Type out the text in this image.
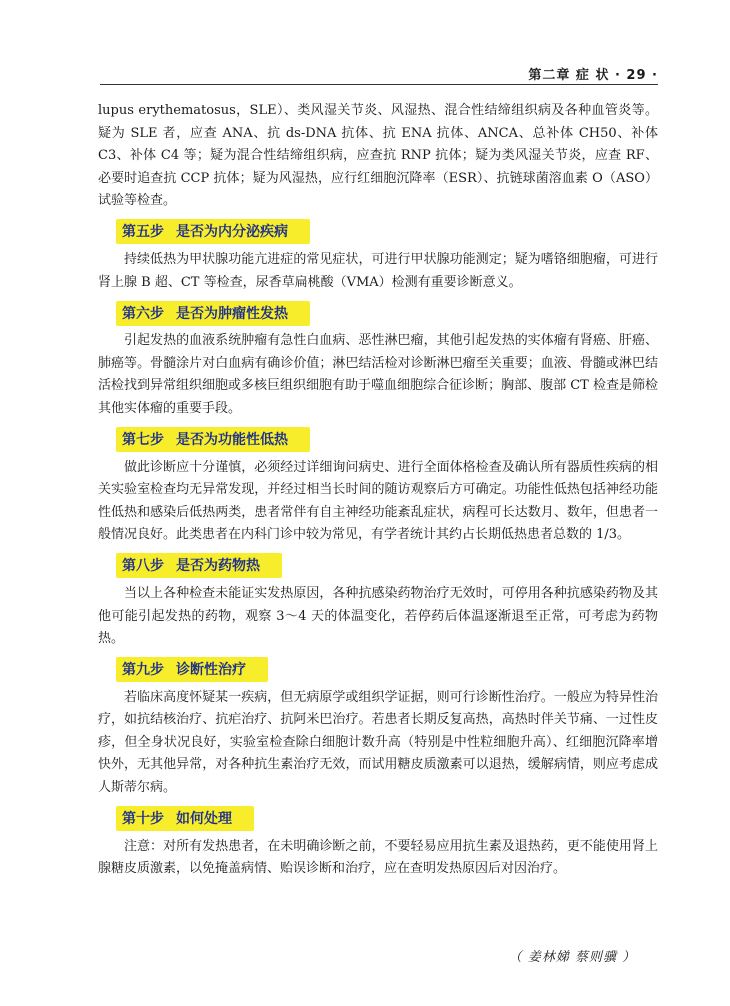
第二章 症 状 · 29 ·

lupus erythematosus，SLE）、类风湿关节炎、风湿热、混合性结缔组织病及各种血管炎等。疑为 SLE 者，应查 ANA、抗 ds-DNA 抗体、抗 ENA 抗体、ANCA、总补体 CH50、补体 C3、补体 C4 等；疑为混合性结缔组织病，应查抗 RNP 抗体；疑为类风湿关节炎，应查 RF、必要时追查抗 CCP 抗体；疑为风湿热，应行红细胞沉降率（ESR）、抗链球菌溶血素 O（ASO）试验等检查。

第五步 是否为内分泌疾病

持续低热为甲状腺功能亢进症的常见症状，可进行甲状腺功能测定；疑为嗜铬细胞瘤，可进行肾上腺 B 超、CT 等检查，尿香草扁桃酸（VMA）检测有重要诊断意义。

第六步 是否为肿瘤性发热

引起发热的血液系统肿瘤有急性白血病、恶性淋巴瘤，其他引起发热的实体瘤有肾癌、肝癌、肺癌等。骨髓涂片对白血病有确诊价值；淋巴结活检对诊断淋巴瘤至关重要；血液、骨髓或淋巴结活检找到异常组织细胞或多核巨组织细胞有助于噬血细胞综合征诊断；胸部、腹部 CT 检查是筛检其他实体瘤的重要手段。

第七步 是否为功能性低热

做此诊断应十分谨慎，必须经过详细询问病史、进行全面体格检查及确认所有器质性疾病的相关实验室检查均无异常发现，并经过相当长时间的随访观察后方可确定。功能性低热包括神经功能性低热和感染后低热两类，患者常伴有自主神经功能紊乱症状，病程可长达数月、数年，但患者一般情况良好。此类患者在内科门诊中较为常见，有学者统计其约占长期低热患者总数的 1/3。

第八步 是否为药物热

当以上各种检查未能证实发热原因，各种抗感染药物治疗无效时，可停用各种抗感染药物及其他可能引起发热的药物，观察 3～4 天的体温变化，若停药后体温逐渐退至正常，可考虑为药物热。

第九步 诊断性治疗

若临床高度怀疑某一疾病，但无病原学或组织学证据，则可行诊断性治疗。一般应为特异性治疗，如抗结核治疗、抗疟治疗、抗阿米巴治疗。若患者长期反复高热，高热时伴关节痛、一过性皮疹，但全身状况良好，实验室检查除白细胞计数升高（特别是中性粒细胞升高）、红细胞沉降率增快外，无其他异常，对各种抗生素治疗无效，而试用糖皮质激素可以退热，缓解病情，则应考虑成人斯蒂尔病。

第十步 如何处理

注意：对所有发热患者，在未明确诊断之前，不要轻易应用抗生素及退热药，更不能使用肾上腺糖皮质激素，以免掩盖病情、贻误诊断和治疗，应在查明发热原因后对因治疗。

（ 姜林娣 蔡则骥 ）
